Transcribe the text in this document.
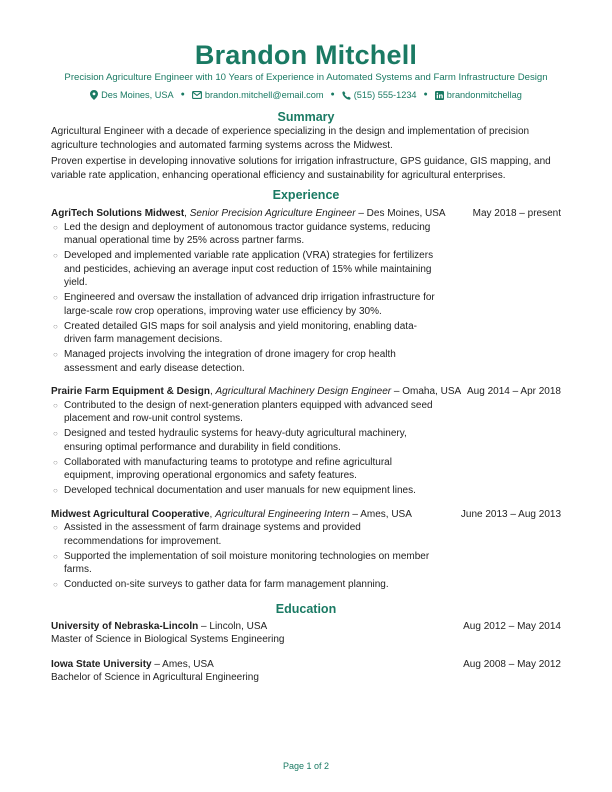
Brandon Mitchell
Precision Agriculture Engineer with 10 Years of Experience in Automated Systems and Farm Infrastructure Design
Des Moines, USA ● brandon.mitchell@email.com ● (515) 555-1234 ● brandonmitchellag
Summary

Agricultural Engineer with a decade of experience specializing in the design and implementation of precision agriculture technologies and automated farming systems across the Midwest.

Proven expertise in developing innovative solutions for irrigation infrastructure, GPS guidance, GIS mapping, and variable rate application, enhancing operational efficiency and sustainability for agricultural enterprises.

Experience
AgriTech Solutions Midwest, Senior Precision Agriculture Engineer – Des Moines, USA	May 2018 – present
○ Led the design and deployment of autonomous tractor guidance systems, reducing manual operational time by 25% across partner farms.
○ Developed and implemented variable rate application (VRA) strategies for fertilizers and pesticides, achieving an average input cost reduction of 15% while maintaining yield.
○ Engineered and oversaw the installation of advanced drip irrigation infrastructure for large-scale row crop operations, improving water use efficiency by 30%.
○ Created detailed GIS maps for soil analysis and yield monitoring, enabling data-driven farm management decisions.
○ Managed projects involving the integration of drone imagery for crop health assessment and early disease detection.
Prairie Farm Equipment & Design, Agricultural Machinery Design Engineer – Omaha, USA Aug 2014 – Apr 2018
○ Contributed to the design of next-generation planters equipped with advanced seed placement and row-unit control systems.
○ Designed and tested hydraulic systems for heavy-duty agricultural machinery, ensuring optimal performance and durability in field conditions.
○ Collaborated with manufacturing teams to prototype and refine agricultural equipment, improving operational ergonomics and safety features.
○ Developed technical documentation and user manuals for new equipment lines.
Midwest Agricultural Cooperative, Agricultural Engineering Intern – Ames, USA	June 2013 – Aug 2013
○ Assisted in the assessment of farm drainage systems and provided recommendations for improvement.
○ Supported the implementation of soil moisture monitoring technologies on member farms.
○ Conducted on-site surveys to gather data for farm management planning.
Education
University of Nebraska-Lincoln – Lincoln, USA	Aug 2012 – May 2014
Master of Science in Biological Systems Engineering
Iowa State University – Ames, USA	Aug 2008 – May 2012
Bachelor of Science in Agricultural Engineering
Page 1 of 2
